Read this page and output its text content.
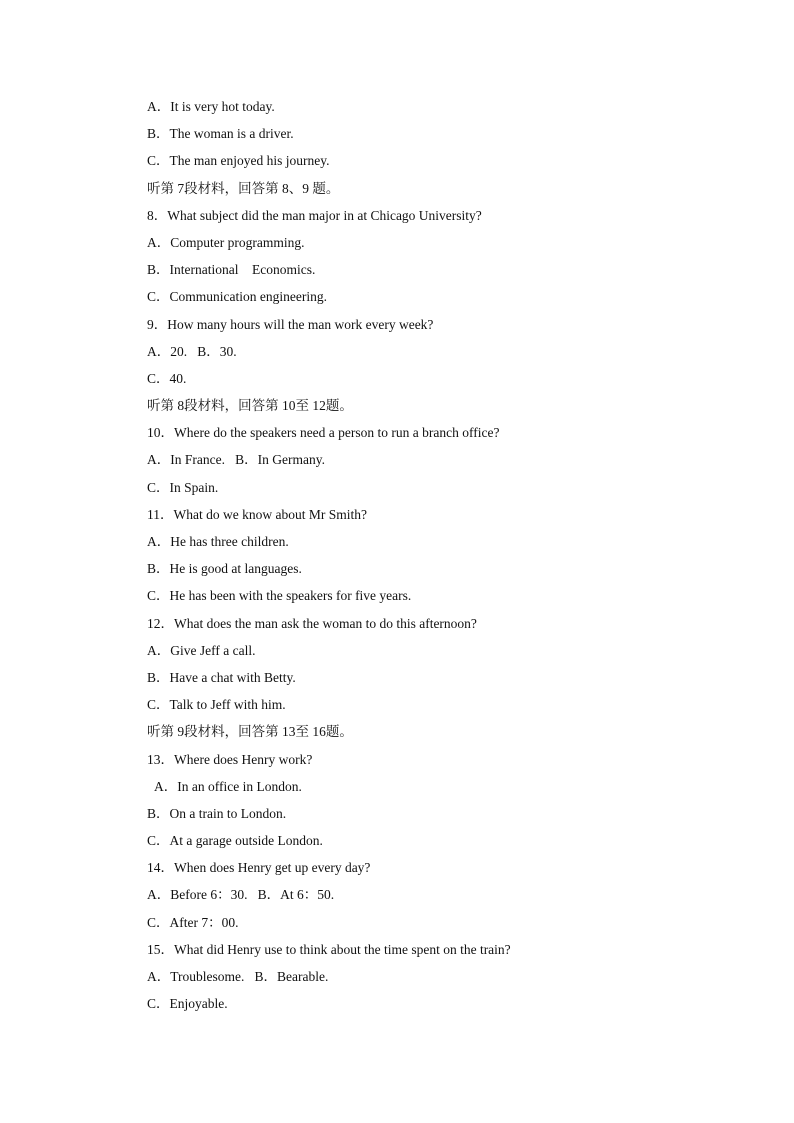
A．It is very hot today.
B．The woman is a driver.
C．The man enjoyed his journey.
听第 7段材料，回答第 8、9 题。
8．What subject did the man major in at Chicago University?
A．Computer programming.
B．International    Economics.
C．Communication engineering.
9．How many hours will the man work every week?
A．20.   B．30.
C．40.
听第 8段材料，回答第 10至 12题。
10．Where do the speakers need a person to run a branch office?
A．In France.   B．In Germany.
C．In Spain.
11．What do we know about Mr Smith?
A．He has three children.
B．He is good at languages.
C．He has been with the speakers for five years.
12．What does the man ask the woman to do this afternoon?
A．Give Jeff a call.
B．Have a chat with Betty.
C．Talk to Jeff with him.
听第 9段材料，回答第 13至 16题。
13．Where does Henry work?
A．In an office in London.
B．On a train to London.
C．At a garage outside London.
14．When does Henry get up every day?
A．Before 6：30.   B．At 6：50.
C．After 7：00.
15．What did Henry use to think about the time spent on the train?
A．Troublesome.   B．Bearable.
C．Enjoyable.
